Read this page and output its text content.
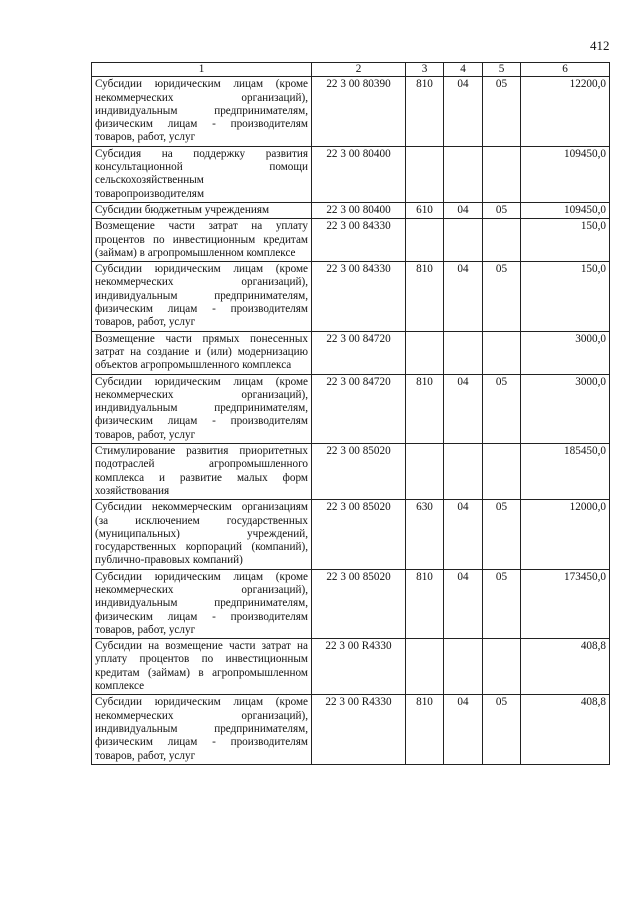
412
1	2	3	4	5	6
Субсидии юридическим лицам (кроме некоммерческих организаций), индивидуальным предпринимателям, физическим лицам - производителям товаров, работ, услуг	22 3 00 80390	810	04	05	12200,0
Субсидия на поддержку развития консультационной помощи сельскохозяйственным товаропроизводителям	22 3 00 80400				109450,0
Субсидии бюджетным учреждениям	22 3 00 80400	610	04	05	109450,0
Возмещение части затрат на уплату процентов по инвестиционным кредитам (займам) в агропромышленном комплексе	22 3 00 84330				150,0
Субсидии юридическим лицам (кроме некоммерческих организаций), индивидуальным предпринимателям, физическим лицам - производителям товаров, работ, услуг	22 3 00 84330	810	04	05	150,0
Возмещение части прямых понесенных затрат на создание и (или) модернизацию объектов агропромышленного комплекса	22 3 00 84720				3000,0
Субсидии юридическим лицам (кроме некоммерческих организаций), индивидуальным предпринимателям, физическим лицам - производителям товаров, работ, услуг	22 3 00 84720	810	04	05	3000,0
Стимулирование развития приоритетных подотраслей агропромышленного комплекса и развитие малых форм хозяйствования	22 3 00 85020				185450,0
Субсидии некоммерческим организациям (за исключением государственных (муниципальных) учреждений, государственных корпораций (компаний), публично-правовых компаний)	22 3 00 85020	630	04	05	12000,0
Субсидии юридическим лицам (кроме некоммерческих организаций), индивидуальным предпринимателям, физическим лицам - производителям товаров, работ, услуг	22 3 00 85020	810	04	05	173450,0
Субсидии на возмещение части затрат на уплату процентов по инвестиционным кредитам (займам) в агропромышленном комплексе	22 3 00 R4330				408,8
Субсидии юридическим лицам (кроме некоммерческих организаций), индивидуальным предпринимателям, физическим лицам - производителям товаров, работ, услуг	22 3 00 R4330	810	04	05	408,8
